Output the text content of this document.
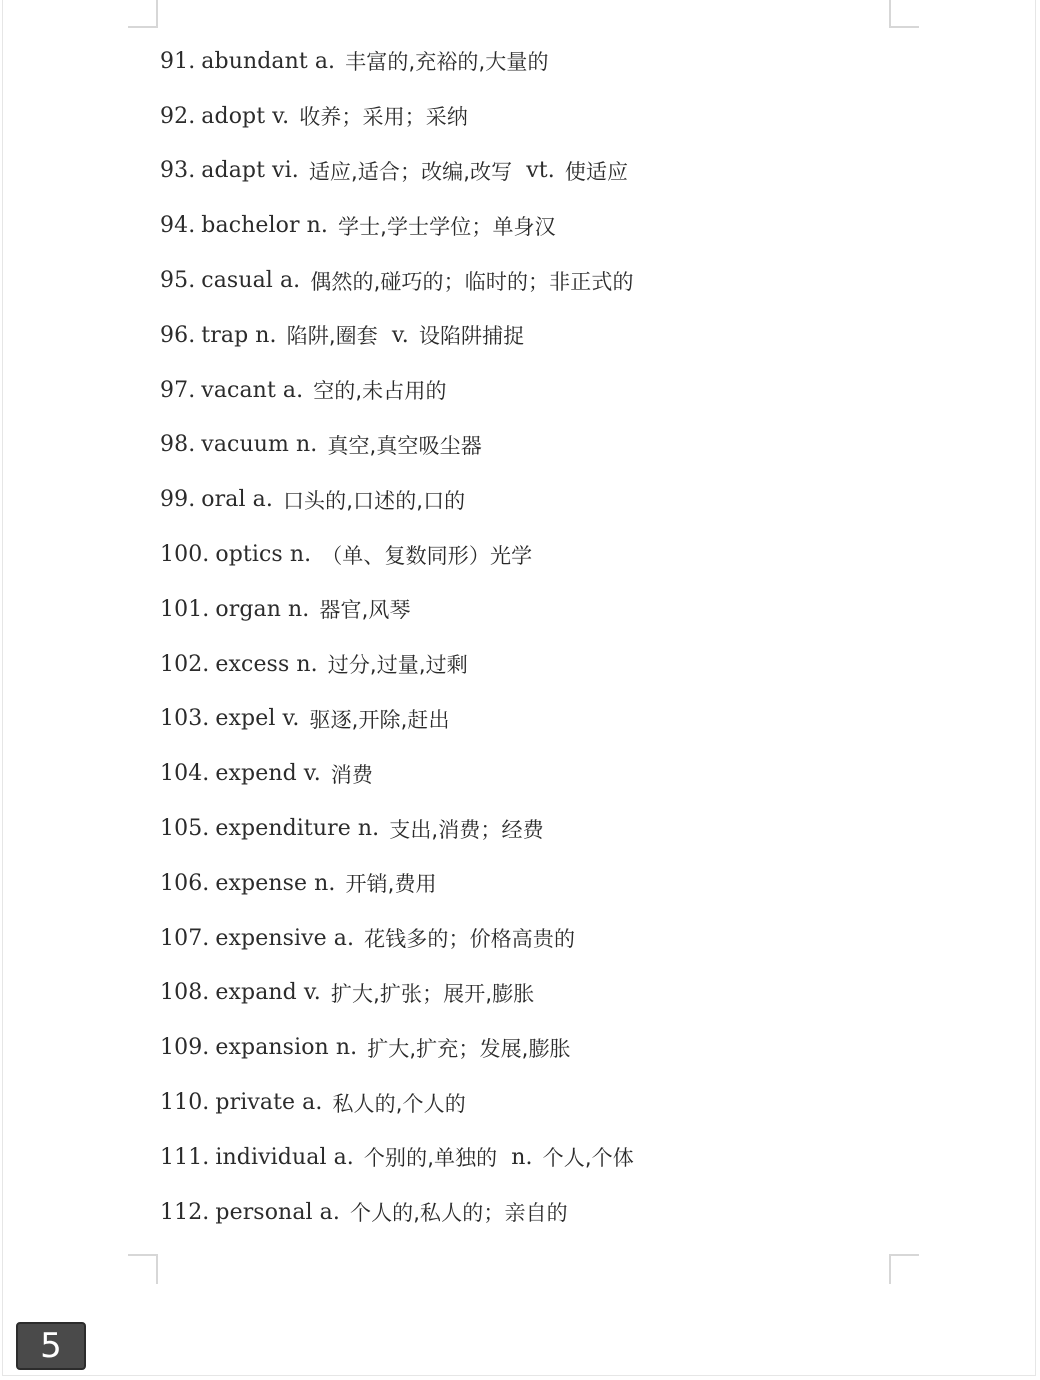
91. abundant a. 丰富的,充裕的,大量的
92. adopt v. 收养；采用；采纳
93. adapt vi. 适应,适合；改编,改写 vt. 使适应
94. bachelor n. 学士,学士学位；单身汉
95. casual a. 偶然的,碰巧的；临时的；非正式的
96. trap n. 陷阱,圈套 v. 设陷阱捕捉
97. vacant a. 空的,未占用的
98. vacuum n. 真空,真空吸尘器
99. oral a. 口头的,口述的,口的
100. optics n. （单、复数同形）光学
101. organ n. 器官,风琴
102. excess n. 过分,过量,过剩
103. expel v. 驱逐,开除,赶出
104. expend v. 消费
105. expenditure n. 支出,消费；经费
106. expense n. 开销,费用
107. expensive a. 花钱多的；价格高贵的
108. expand v. 扩大,扩张；展开,膨胀
109. expansion n. 扩大,扩充；发展,膨胀
110. private a. 私人的,个人的
111. individual a. 个别的,单独的 n. 个人,个体
112. personal a. 个人的,私人的；亲自的
5
